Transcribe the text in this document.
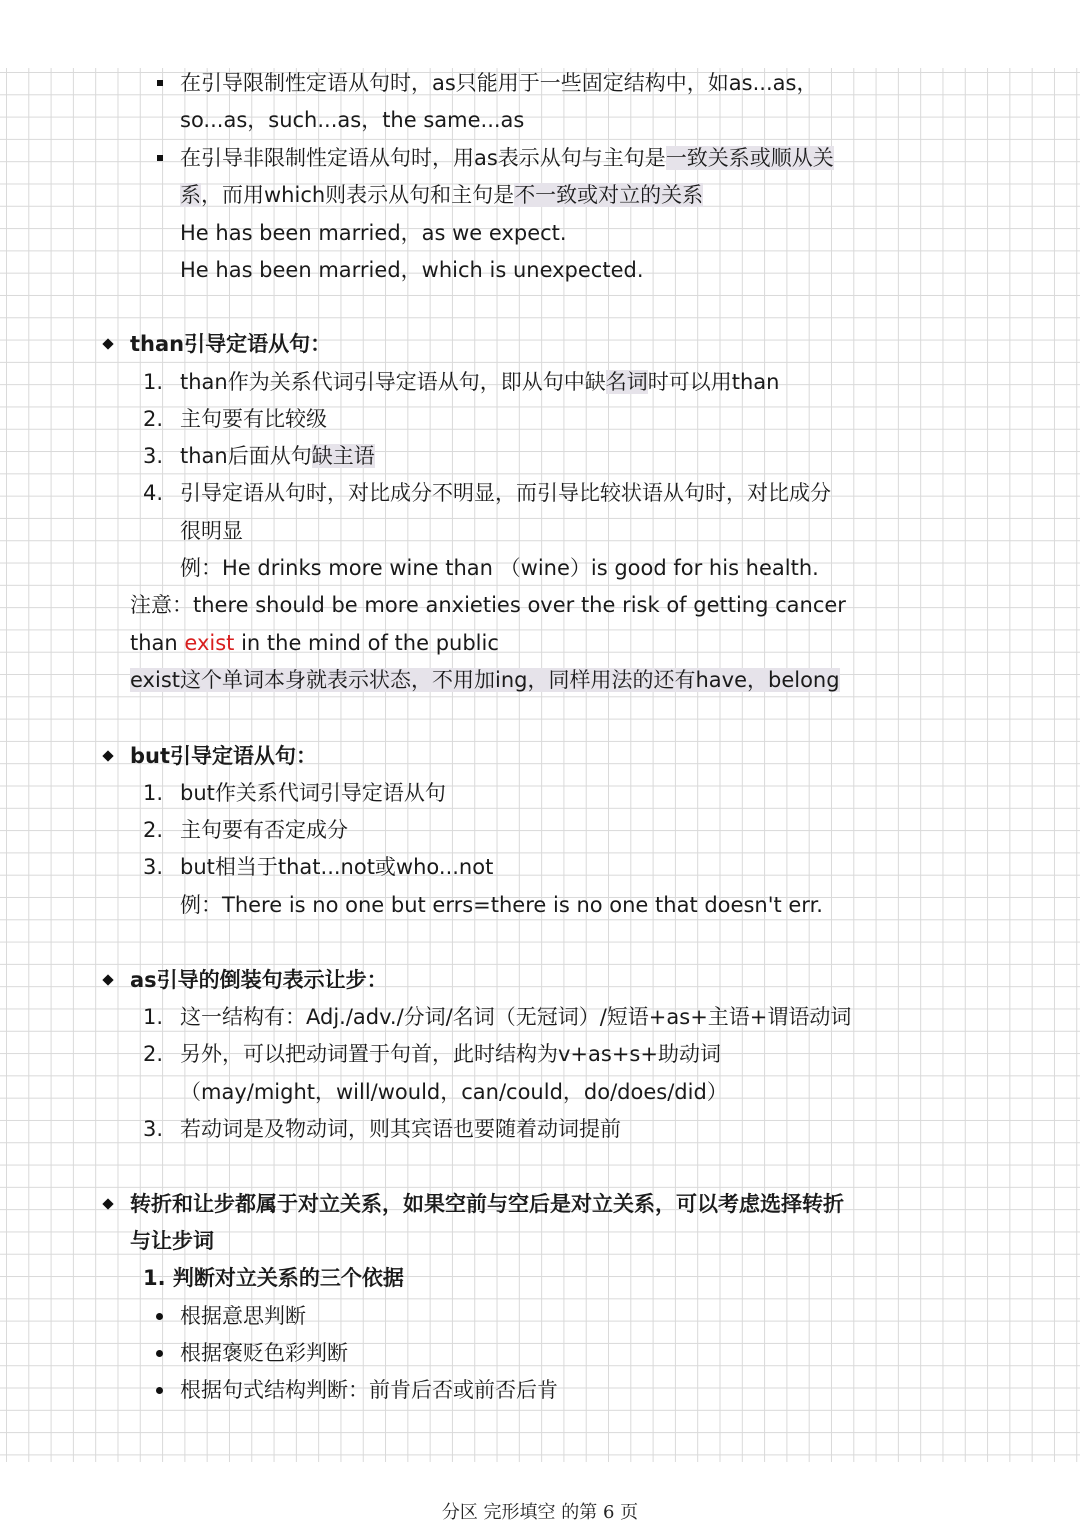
在引导限制性定语从句时，as只能用于一些固定结构中，如as...as，
so...as，such...as，the same...as
在引导非限制性定语从句时，用as表示从句与主句是一致关系或顺从关
系，而用which则表示从句和主句是不一致或对立的关系
He has been married，as we expect.
He has been married，which is unexpected.
than引导定语从句：
1. than作为关系代词引导定语从句，即从句中缺名词时可以用than
2. 主句要有比较级
3. than后面从句缺主语
4. 引导定语从句时，对比成分不明显，而引导比较状语从句时，对比成分
很明显
例：He drinks more wine than （wine）is good for his health.
注意：there should be more anxieties over the risk of getting cancer
than exist in the mind of the public
exist这个单词本身就表示状态，不用加ing，同样用法的还有have，belong
but引导定语从句：
1. but作关系代词引导定语从句
2. 主句要有否定成分
3. but相当于that...not或who...not
例：There is no one but errs=there is no one that doesn't err.
as引导的倒装句表示让步：
1. 这一结构有：Adj./adv./分词/名词（无冠词）/短语+as+主语+谓语动词
2. 另外，可以把动词置于句首，此时结构为v+as+s+助动词
（may/might，will/would，can/could，do/does/did）
3. 若动词是及物动词，则其宾语也要随着动词提前
转折和让步都属于对立关系，如果空前与空后是对立关系，可以考虑选择转折
与让步词
1. 判断对立关系的三个依据
根据意思判断
根据褒贬色彩判断
根据句式结构判断：前肯后否或前否后肯
分区 完形填空 的第 6 页
